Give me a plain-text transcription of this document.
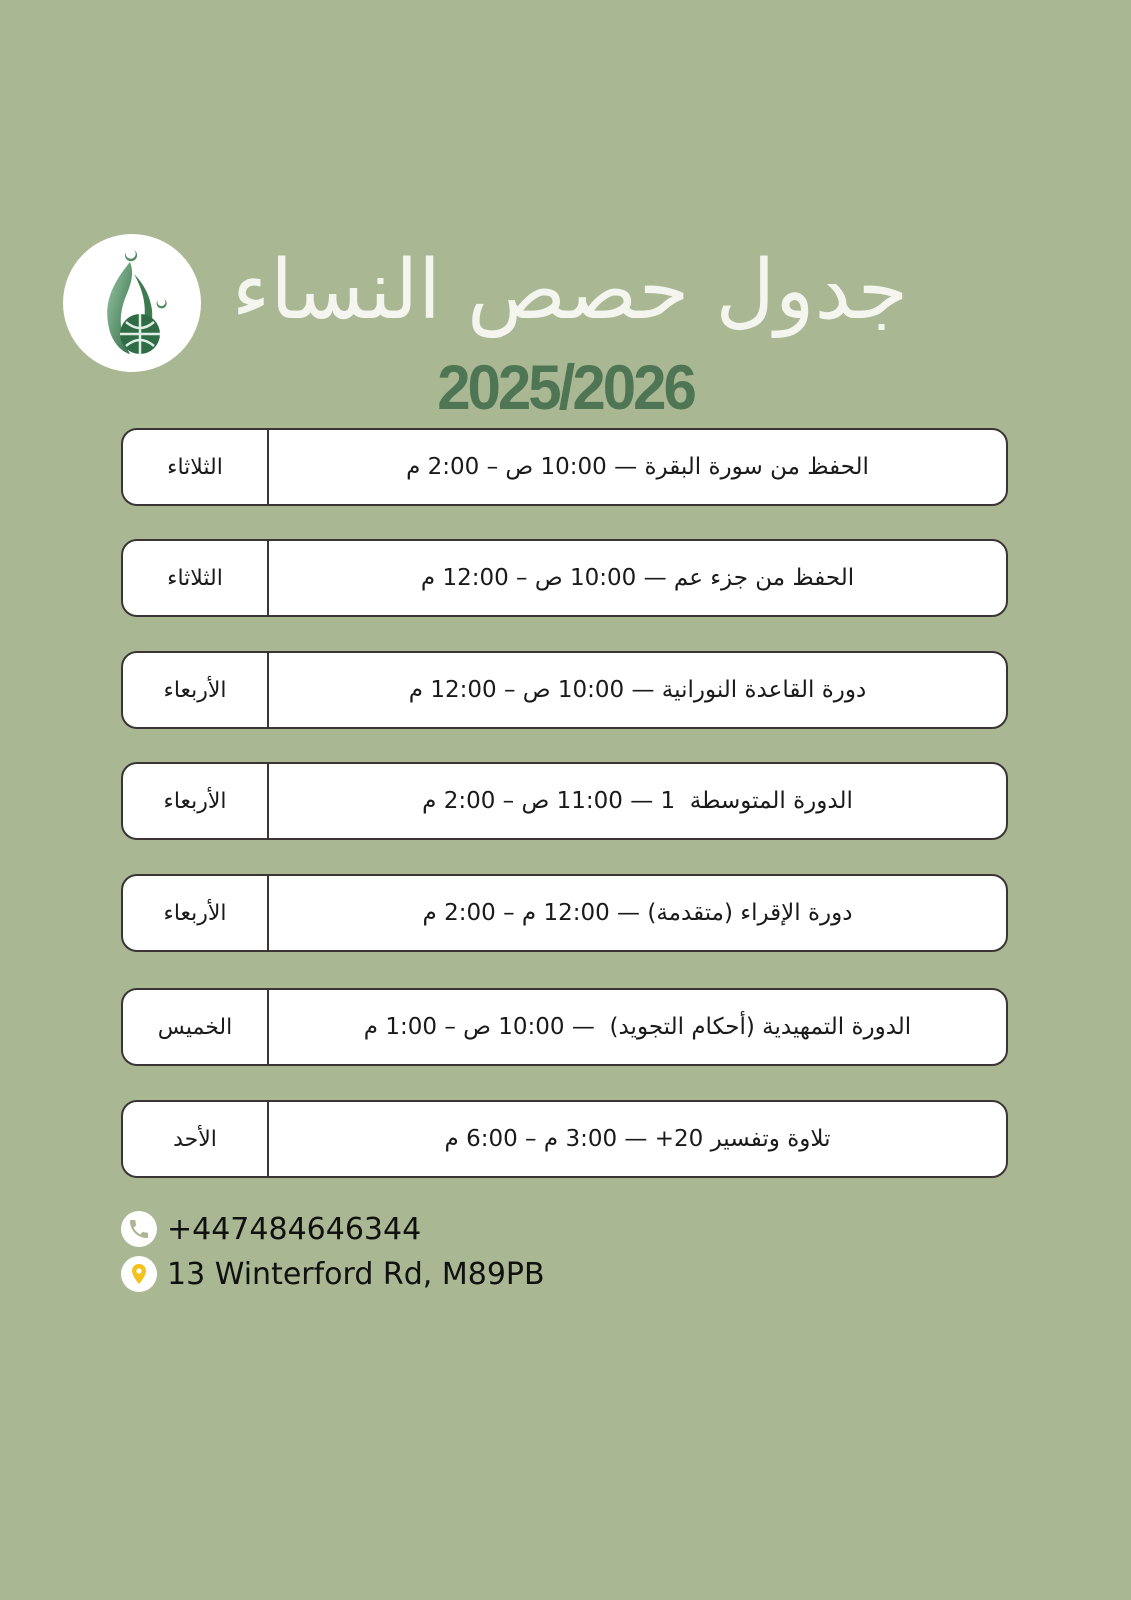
جدول حصص النساء
2025/2026
الثلاثاء	الحفظ من سورة البقرة — 10:00 ص – 2:00 م
الثلاثاء	الحفظ من جزء عم — 10:00 ص – 12:00 م
الأربعاء	دورة القاعدة النورانية — 10:00 ص – 12:00 م
الأربعاء	الدورة المتوسطة  1 — 11:00 ص – 2:00 م
الأربعاء	دورة الإقراء (متقدمة) — 12:00 م – 2:00 م
الخميس	الدورة التمهيدية (أحكام التجويد)  — 10:00 ص – 1:00 م
الأحد	تلاوة وتفسير 20+ — 3:00 م – 6:00 م
+447484646344
13 Winterford Rd, M89PB
